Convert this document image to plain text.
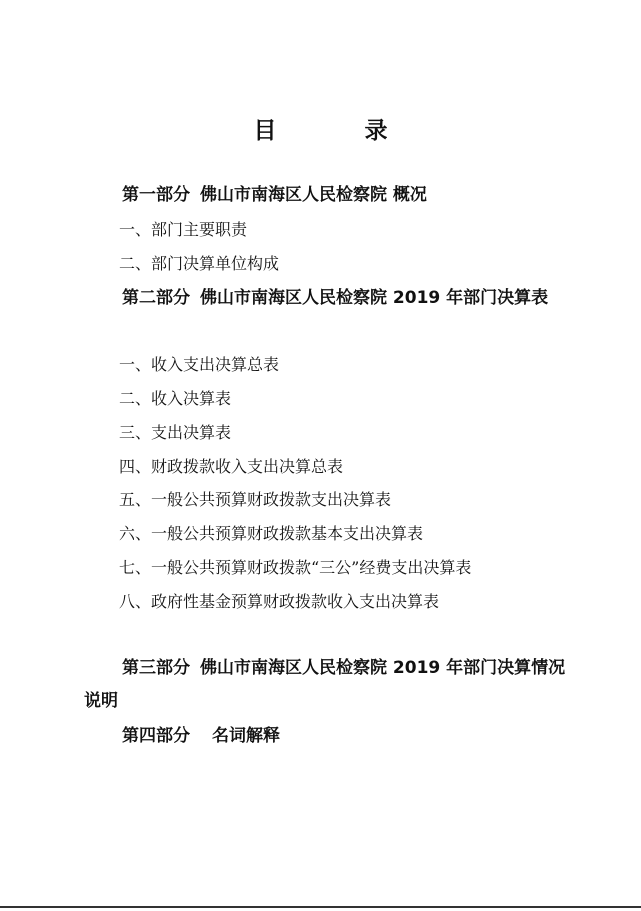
目	录
第一部分 佛山市南海区人民检察院 概况
一、部门主要职责
二、部门决算单位构成
第二部分 佛山市南海区人民检察院 2019 年部门决算表
一、收入支出决算总表
二、收入决算表
三、支出决算表
四、财政拨款收入支出决算总表
五、一般公共预算财政拨款支出决算表
六、一般公共预算财政拨款基本支出决算表
七、一般公共预算财政拨款“三公”经费支出决算表
八、政府性基金预算财政拨款收入支出决算表
第三部分 佛山市南海区人民检察院 2019 年部门决算情况说明
第四部分 名词解释
